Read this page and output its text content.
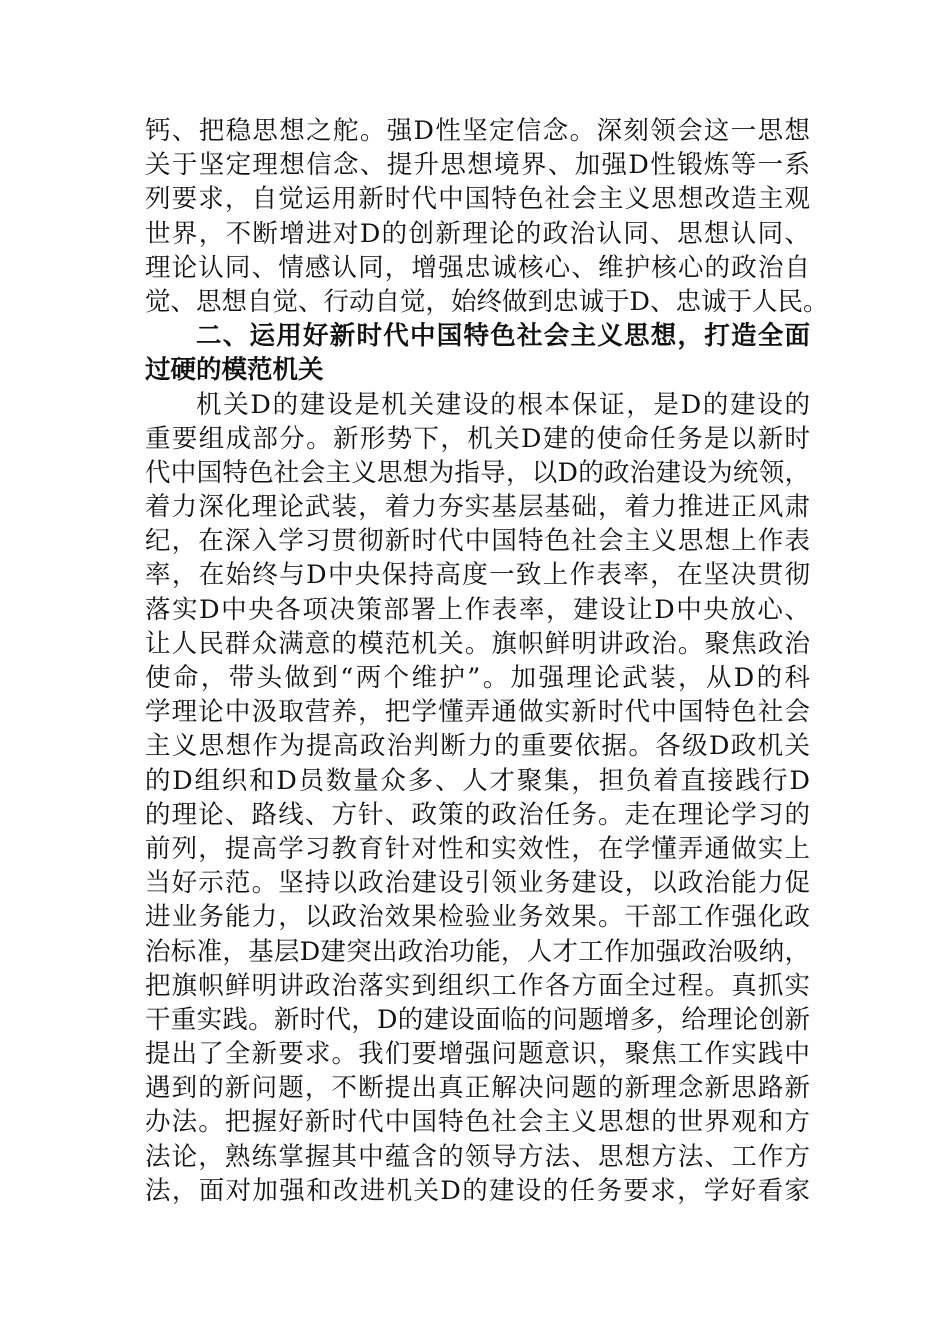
钙、把稳思想之舵。强D性坚定信念。深刻领会这一思想
关于坚定理想信念、提升思想境界、加强D性锻炼等一系
列要求，自觉运用新时代中国特色社会主义思想改造主观
世界，不断增进对D的创新理论的政治认同、思想认同、
理论认同、情感认同，增强忠诚核心、维护核心的政治自
觉、思想自觉、行动自觉，始终做到忠诚于D、忠诚于人民。
二、运用好新时代中国特色社会主义思想，打造全面
过硬的模范机关
机关D的建设是机关建设的根本保证，是D的建设的
重要组成部分。新形势下，机关D建的使命任务是以新时
代中国特色社会主义思想为指导，以D的政治建设为统领，
着力深化理论武装，着力夯实基层基础，着力推进正风肃
纪，在深入学习贯彻新时代中国特色社会主义思想上作表
率，在始终与D中央保持高度一致上作表率，在坚决贯彻
落实D中央各项决策部署上作表率，建设让D中央放心、
让人民群众满意的模范机关。旗帜鲜明讲政治。聚焦政治
使命，带头做到“两个维护”。加强理论武装，从D的科
学理论中汲取营养，把学懂弄通做实新时代中国特色社会
主义思想作为提高政治判断力的重要依据。各级D政机关
的D组织和D员数量众多、人才聚集，担负着直接践行D
的理论、路线、方针、政策的政治任务。走在理论学习的
前列，提高学习教育针对性和实效性，在学懂弄通做实上
当好示范。坚持以政治建设引领业务建设，以政治能力促
进业务能力，以政治效果检验业务效果。干部工作强化政
治标准，基层D建突出政治功能，人才工作加强政治吸纳，
把旗帜鲜明讲政治落实到组织工作各方面全过程。真抓实
干重实践。新时代，D的建设面临的问题增多，给理论创新
提出了全新要求。我们要增强问题意识，聚焦工作实践中
遇到的新问题，不断提出真正解决问题的新理念新思路新
办法。把握好新时代中国特色社会主义思想的世界观和方
法论，熟练掌握其中蕴含的领导方法、思想方法、工作方
法，面对加强和改进机关D的建设的任务要求，学好看家
